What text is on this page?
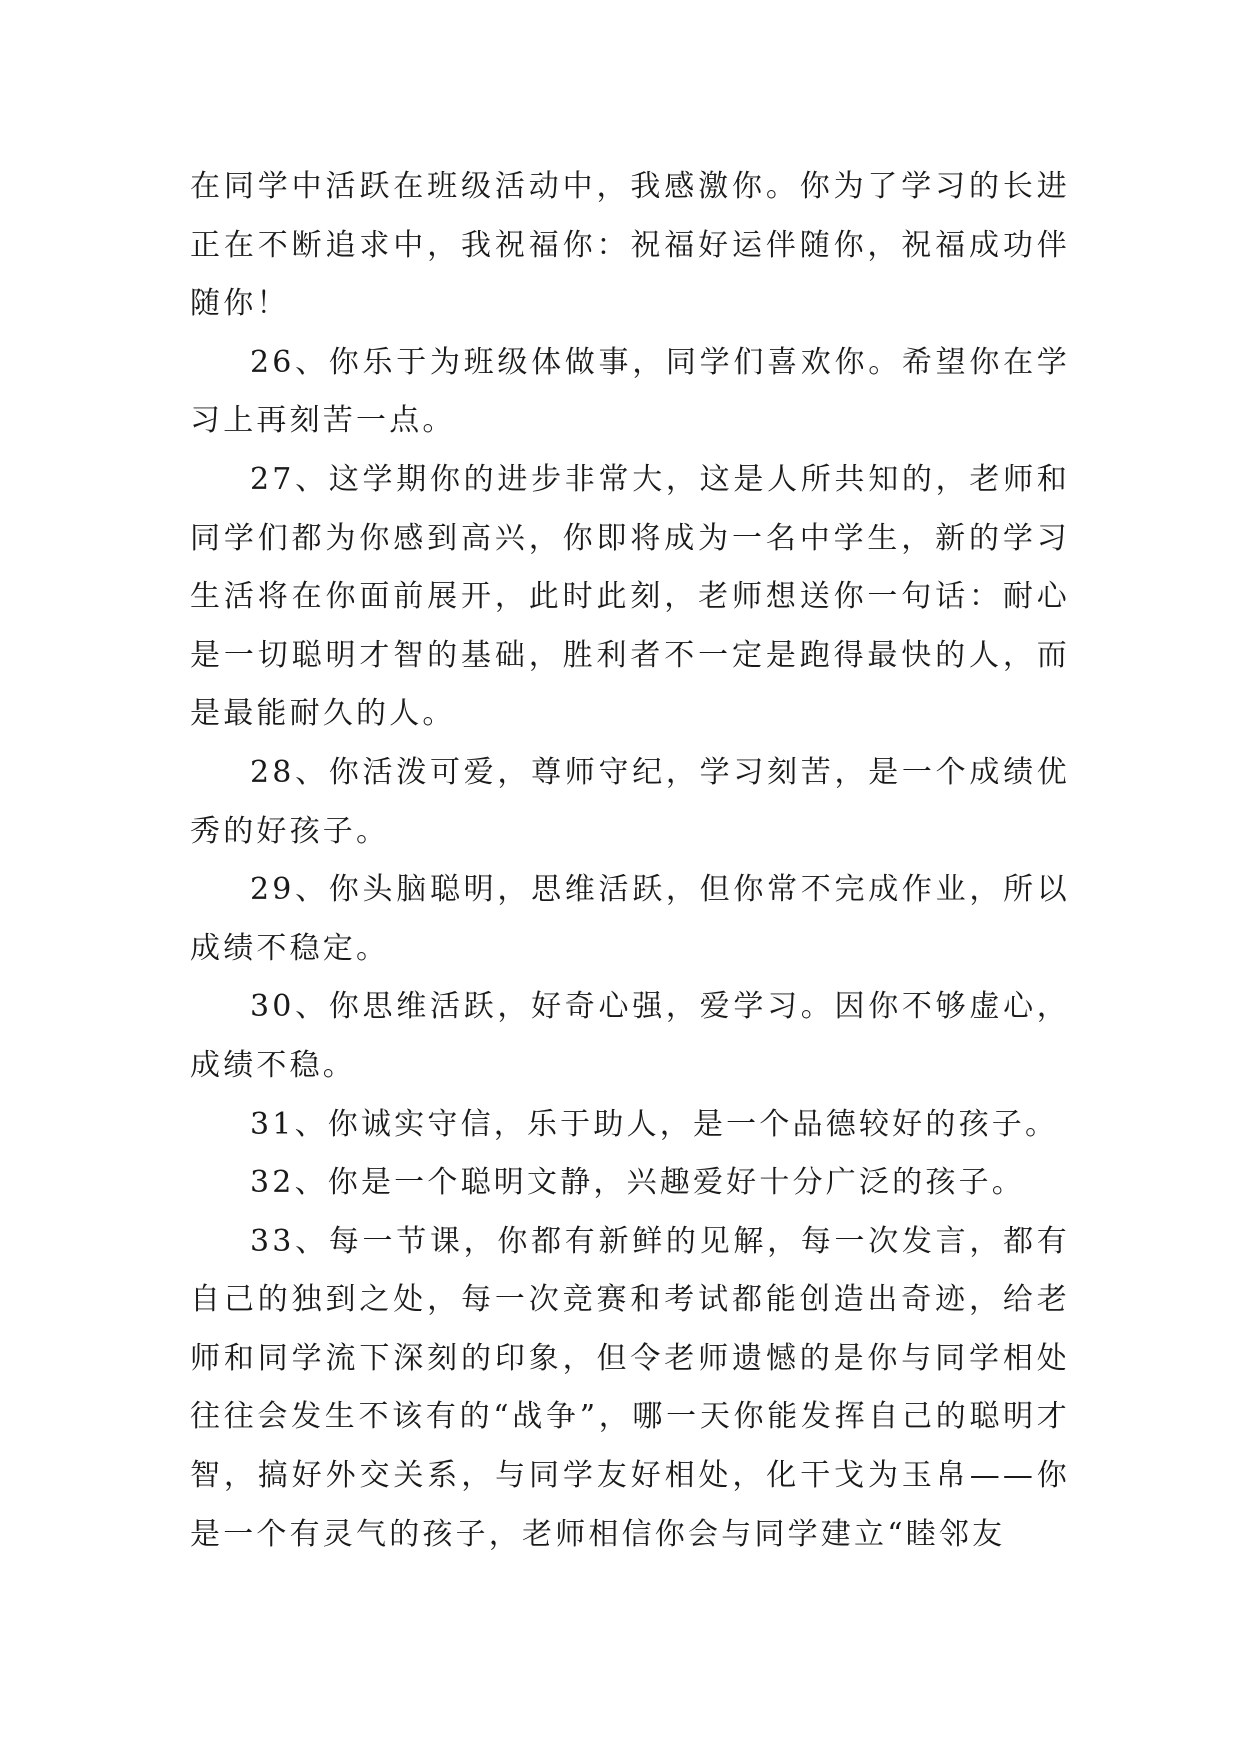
在同学中活跃在班级活动中，我感激你。你为了学习的长进正在不断追求中，我祝福你：祝福好运伴随你，祝福成功伴随你！

26、你乐于为班级体做事，同学们喜欢你。希望你在学习上再刻苦一点。

27、这学期你的进步非常大，这是人所共知的，老师和同学们都为你感到高兴，你即将成为一名中学生，新的学习生活将在你面前展开，此时此刻，老师想送你一句话：耐心是一切聪明才智的基础，胜利者不一定是跑得最快的人，而是最能耐久的人。

28、你活泼可爱，尊师守纪，学习刻苦，是一个成绩优秀的好孩子。

29、你头脑聪明，思维活跃，但你常不完成作业，所以成绩不稳定。

30、你思维活跃，好奇心强，爱学习。因你不够虚心，成绩不稳。

31、你诚实守信，乐于助人，是一个品德较好的孩子。

32、你是一个聪明文静，兴趣爱好十分广泛的孩子。

33、每一节课，你都有新鲜的见解，每一次发言，都有自己的独到之处，每一次竞赛和考试都能创造出奇迹，给老师和同学流下深刻的印象，但令老师遗憾的是你与同学相处往往会发生不该有的“战争”，哪一天你能发挥自己的聪明才智，搞好外交关系，与同学友好相处，化干戈为玉帛——你是一个有灵气的孩子，老师相信你会与同学建立“睦邻友
